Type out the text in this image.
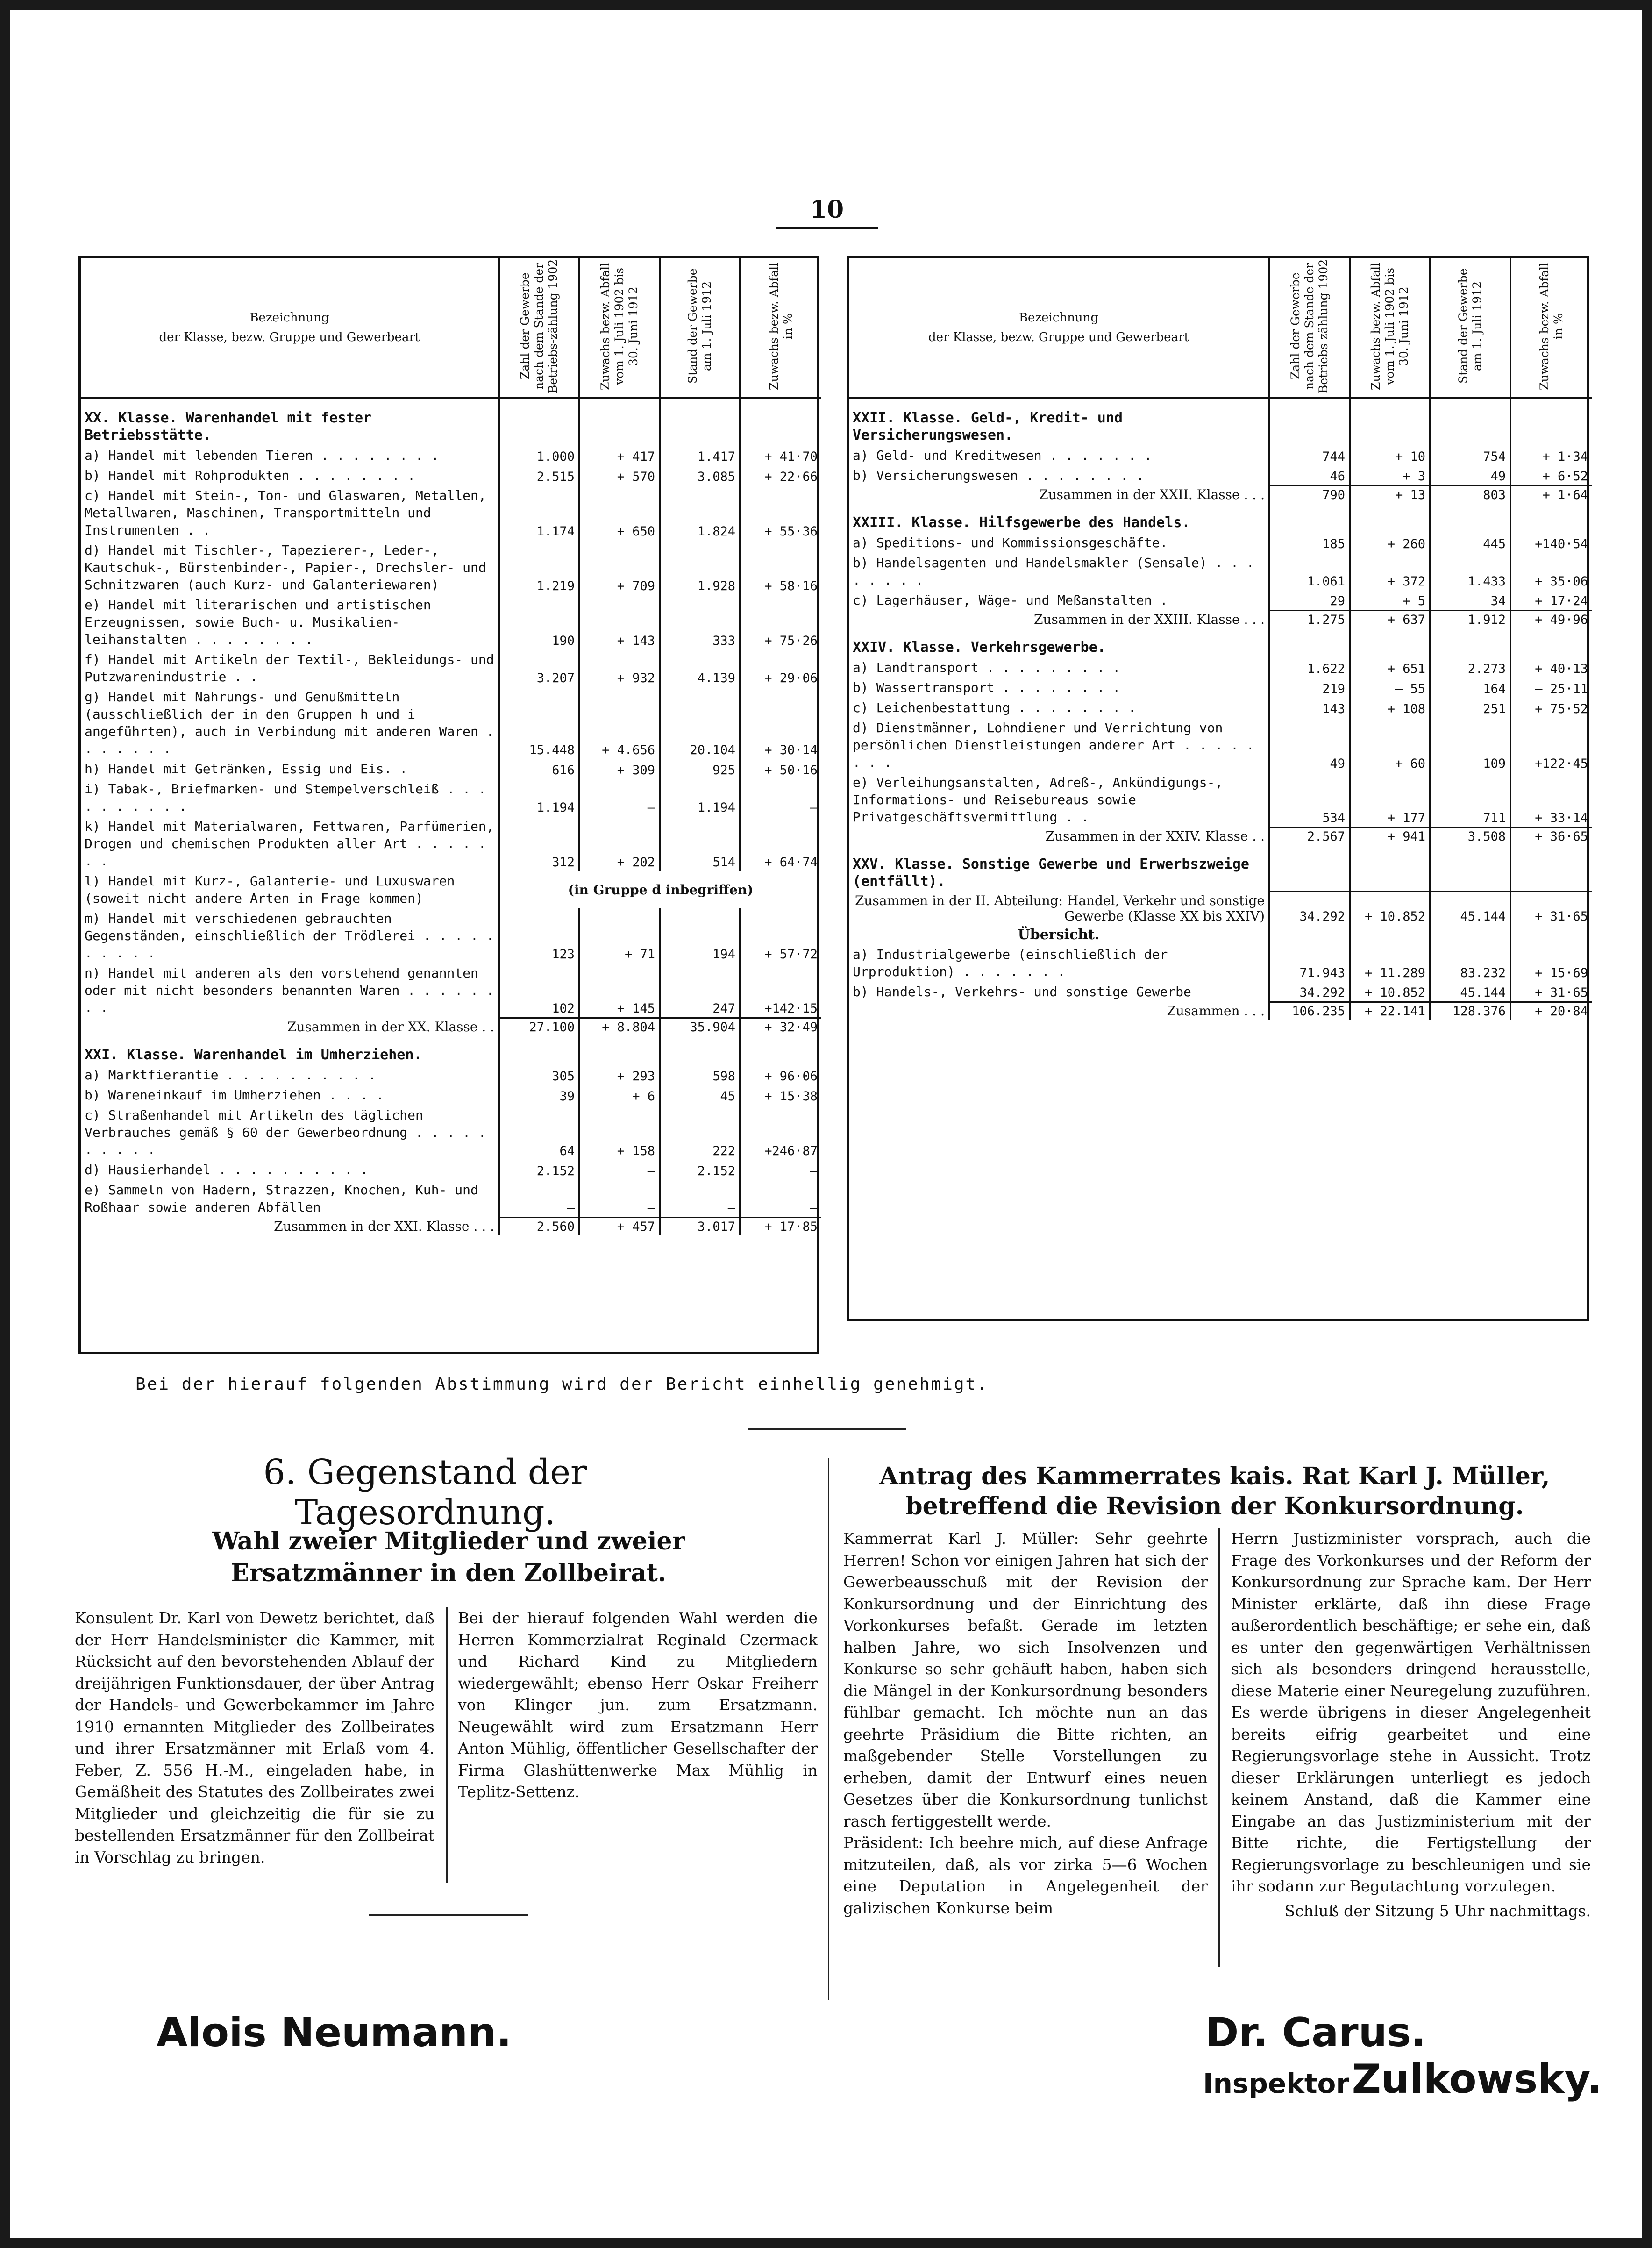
10
Bezeichnung
der Klasse, bezw. Gruppe und Gewerbeart	Zahl der Gewerbe nach dem Stande der Betriebs-zählung 1902	Zuwachs bezw. Abfall vom 1. Juli 1902 bis 30. Juni 1912	Stand der Gewerbe am 1. Juli 1912	Zuwachs bezw. Abfall in %
XX. Klasse. Warenhandel mit fester Betriebsstätte.				
a) Handel mit lebenden Tieren . . . . . . . .	1.000	+ 417	1.417	+ 41·70
b) Handel mit Rohprodukten . . . . . . . .	2.515	+ 570	3.085	+ 22·66
c) Handel mit Stein-, Ton- und Glaswaren, Metallen, Metallwaren, Maschinen, Transportmitteln und Instrumenten . .	1.174	+ 650	1.824	+ 55·36
d) Handel mit Tischler-, Tapezierer-, Leder-, Kautschuk-, Bürstenbinder-, Papier-, Drechsler- und Schnitzwaren (auch Kurz- und Galanteriewaren)	1.219	+ 709	1.928	+ 58·16
e) Handel mit literarischen und artistischen Erzeugnissen, sowie Buch- u. Musikalien-leihanstalten . . . . . . . .	190	+ 143	333	+ 75·26
f) Handel mit Artikeln der Textil-, Bekleidungs- und Putzwarenindustrie . .	3.207	+ 932	4.139	+ 29·06
g) Handel mit Nahrungs- und Genußmitteln (ausschließlich der in den Gruppen h und i angeführten), auch in Verbindung mit anderen Waren . . . . . . .	15.448	+ 4.656	20.104	+ 30·14
h) Handel mit Getränken, Essig und Eis. .	616	+ 309	925	+ 50·16
i) Tabak-, Briefmarken- und Stempelverschleiß . . . . . . . . . .	1.194	—	1.194	—
k) Handel mit Materialwaren, Fettwaren, Parfümerien, Drogen und chemischen Produkten aller Art . . . . . . .	312	+ 202	514	+ 64·74
l) Handel mit Kurz-, Galanterie- und Luxuswaren (soweit nicht andere Arten in Frage kommen)	(in Gruppe d inbegriffen)			
m) Handel mit verschiedenen gebrauchten Gegenständen, einschließlich der Trödlerei . . . . . . . . . .	123	+ 71	194	+ 57·72
n) Handel mit anderen als den vorstehend genannten oder mit nicht besonders benannten Waren . . . . . . . .	102	+ 145	247	+142·15
Zusammen in der XX. Klasse . .	27.100	+ 8.804	35.904	+ 32·49
XXI. Klasse. Warenhandel im Umherziehen.				
a) Marktfierantie . . . . . . . . . .	305	+ 293	598	+ 96·06
b) Wareneinkauf im Umherziehen . . . .	39	+ 6	45	+ 15·38
c) Straßenhandel mit Artikeln des täglichen Verbrauches gemäß § 60 der Gewerbeordnung . . . . . . . . . .	64	+ 158	222	+246·87
d) Hausierhandel . . . . . . . . . .	2.152	—	2.152	—
e) Sammeln von Hadern, Strazzen, Knochen, Kuh- und Roßhaar sowie anderen Abfällen	—	—	—	—
Zusammen in der XXI. Klasse . . .	2.560	+ 457	3.017	+ 17·85
Bezeichnung
der Klasse, bezw. Gruppe und Gewerbeart	Zahl der Gewerbe nach dem Stande der Betriebs-zählung 1902	Zuwachs bezw. Abfall vom 1. Juli 1902 bis 30. Juni 1912	Stand der Gewerbe am 1. Juli 1912	Zuwachs bezw. Abfall in %
XXII. Klasse. Geld-, Kredit- und Versicherungswesen.				
a) Geld- und Kreditwesen . . . . . . .	744	+ 10	754	+ 1·34
b) Versicherungswesen . . . . . . . .	46	+ 3	49	+ 6·52
Zusammen in der XXII. Klasse . . .	790	+ 13	803	+ 1·64
XXIII. Klasse. Hilfsgewerbe des Handels.				
a) Speditions- und Kommissionsgeschäfte.	185	+ 260	445	+140·54
b) Handelsagenten und Handelsmakler (Sensale) . . . . . . . .	1.061	+ 372	1.433	+ 35·06
c) Lagerhäuser, Wäge- und Meßanstalten .	29	+ 5	34	+ 17·24
Zusammen in der XXIII. Klasse . . .	1.275	+ 637	1.912	+ 49·96
XXIV. Klasse. Verkehrsgewerbe.				
a) Landtransport . . . . . . . . .	1.622	+ 651	2.273	+ 40·13
b) Wassertransport . . . . . . . .	219	— 55	164	— 25·11
c) Leichenbestattung . . . . . . . .	143	+ 108	251	+ 75·52
d) Dienstmänner, Lohndiener und Verrichtung von persönlichen Dienstleistungen anderer Art . . . . . . . .	49	+ 60	109	+122·45
e) Verleihungsanstalten, Adreß-, Ankündigungs-, Informations- und Reisebureaus sowie Privatgeschäftsvermittlung . .	534	+ 177	711	+ 33·14
Zusammen in der XXIV. Klasse . .	2.567	+ 941	3.508	+ 36·65
XXV. Klasse. Sonstige Gewerbe und Erwerbszweige (entfällt).				
Zusammen in der II. Abteilung: Handel, Verkehr und sonstige Gewerbe (Klasse XX bis XXIV)	34.292	+ 10.852	45.144	+ 31·65
Übersicht.				
a) Industrialgewerbe (einschließlich der Urproduktion) . . . . . . .	71.943	+ 11.289	83.232	+ 15·69
b) Handels-, Verkehrs- und sonstige Gewerbe	34.292	+ 10.852	45.144	+ 31·65
Zusammen . . .	106.235	+ 22.141	128.376	+ 20·84
Bei der hierauf folgenden Abstimmung wird der Bericht einhellig genehmigt.
6. Gegenstand der Tagesordnung.
Wahl zweier Mitglieder und zweier Ersatzmänner in den Zollbeirat.
Konsulent Dr. Karl von Dewetz berichtet, daß der Herr Handelsminister die Kammer, mit Rücksicht auf den bevorstehenden Ablauf der dreijährigen Funktionsdauer, der über Antrag der Handels- und Gewerbekammer im Jahre 1910 ernannten Mitglieder des Zollbeirates und ihrer Ersatzmänner mit Erlaß vom 4. Feber, Z. 556 H.-M., eingeladen habe, in Gemäßheit des Statutes des Zollbeirates zwei Mitglieder und gleichzeitig die für sie zu bestellenden Ersatzmänner für den Zollbeirat in Vorschlag zu bringen.
Bei der hierauf folgenden Wahl werden die Herren Kommerzialrat Reginald Czermack und Richard Kind zu Mitgliedern wiedergewählt; ebenso Herr Oskar Freiherr von Klinger jun. zum Ersatzmann. Neugewählt wird zum Ersatzmann Herr Anton Mühlig, öffentlicher Gesellschafter der Firma Glashüttenwerke Max Mühlig in Teplitz-Settenz.
Antrag des Kammerrates kais. Rat Karl J. Müller, betreffend die Revision der Konkursordnung.
Kammerrat Karl J. Müller: Sehr geehrte Herren! Schon vor einigen Jahren hat sich der Gewerbeausschuß mit der Revision der Konkursordnung und der Einrichtung des Vorkonkurses befaßt. Gerade im letzten halben Jahre, wo sich Insolvenzen und Konkurse so sehr gehäuft haben, haben sich die Mängel in der Konkursordnung besonders fühlbar gemacht. Ich möchte nun an das geehrte Präsidium die Bitte richten, an maßgebender Stelle Vorstellungen zu erheben, damit der Entwurf eines neuen Gesetzes über die Konkursordnung tunlichst rasch fertiggestellt werde.
Präsident: Ich beehre mich, auf diese Anfrage mitzuteilen, daß, als vor zirka 5—6 Wochen eine Deputation in Angelegenheit der galizischen Konkurse beim
Herrn Justizminister vorsprach, auch die Frage des Vorkonkurses und der Reform der Konkursordnung zur Sprache kam. Der Herr Minister erklärte, daß ihn diese Frage außerordentlich beschäftige; er sehe ein, daß es unter den gegenwärtigen Verhältnissen sich als besonders dringend herausstelle, diese Materie einer Neuregelung zuzuführen. Es werde übrigens in dieser Angelegenheit bereits eifrig gearbeitet und eine Regierungsvorlage stehe in Aussicht. Trotz dieser Erklärungen unterliegt es jedoch keinem Anstand, daß die Kammer eine Eingabe an das Justizministerium mit der Bitte richte, die Fertigstellung der Regierungsvorlage zu beschleunigen und sie ihr sodann zur Begutachtung vorzulegen.
Schluß der Sitzung 5 Uhr nachmittags.
Alois Neumann.	Dr. Carus.
Inspektor Zulkowsky.
